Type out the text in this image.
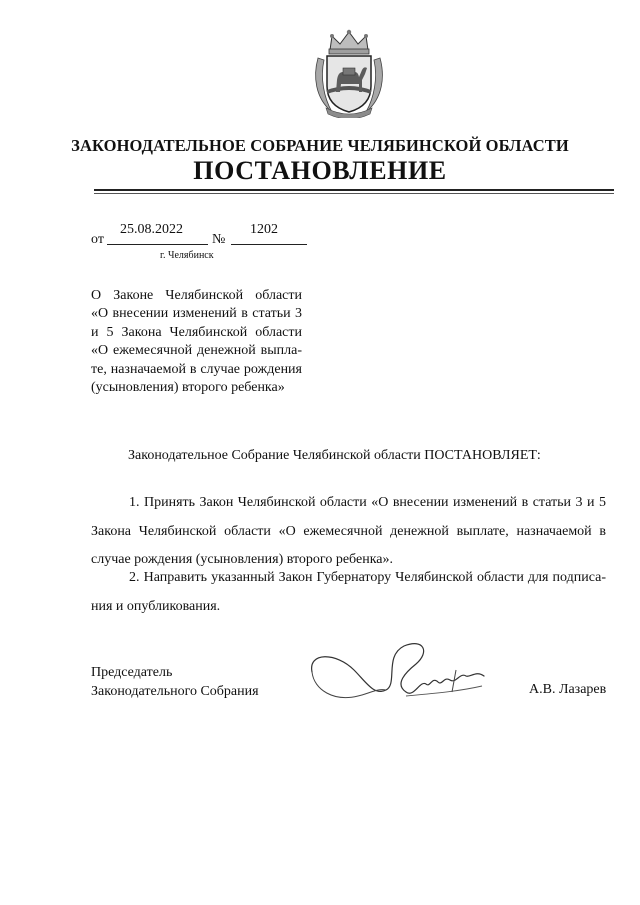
ЗАКОНОДАТЕЛЬНОЕ СОБРАНИЕ ЧЕЛЯБИНСКОЙ ОБЛАСТИ
ПОСТАНОВЛЕНИЕ
от
25.08.2022
№
1202
г. Челябинск
О Законе Челябинской области
«О внесении изменений в статьи 3
и 5 Закона Челябинской области
«О ежемесячной денежной выпла-
те, назначаемой в случае рождения
(усыновления) второго ребенка»
Законодательное Собрание Челябинской области ПОСТАНОВЛЯЕТ:
1. Принять Закон Челябинской области «О внесении изменений в статьи 3 и 5
Закона Челябинской области «О ежемесячной денежной выплате, назначаемой в
случае рождения (усыновления) второго ребенка».
2. Направить указанный Закон Губернатору Челябинской области для подписа-
ния и опубликования.
Председатель
Законодательного Собрания	А.В. Лазарев
